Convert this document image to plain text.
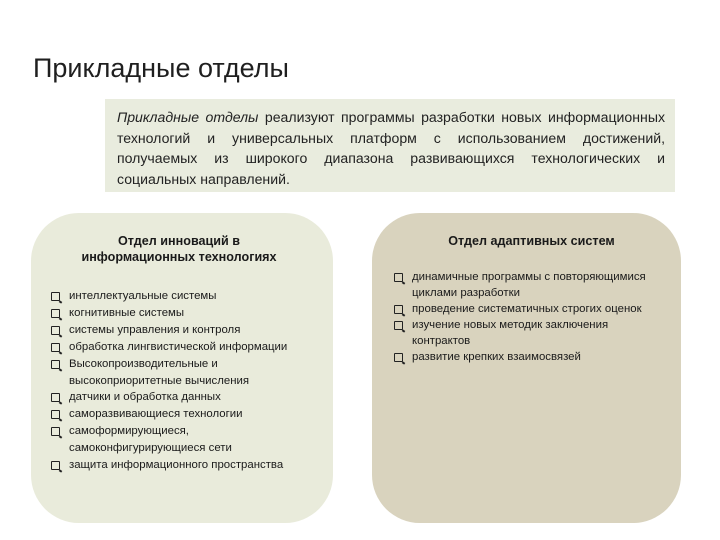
Прикладные отделы
Прикладные отделы реализуют программы разработки новых информационных технологий и универсальных платформ с использованием достижений, получаемых из широкого диапазона развивающихся технологических и социальных направлений.

Отдел инноваций в
информационных технологиях

интеллектуальные системы
когнитивные системы
системы управления и контроля
обработка лингвистической информации
Высокопроизводительные и высокоприоритетные вычисления
датчики и обработка данных
саморазвивающиеся технологии
самоформирующиеся, самоконфигурирующиеся сети
защита информационного пространства

Отдел адаптивных систем

динамичные программы с повторяющимися циклами разработки
проведение систематичных строгих оценок
изучение новых методик заключения контрактов
развитие крепких взаимосвязей
